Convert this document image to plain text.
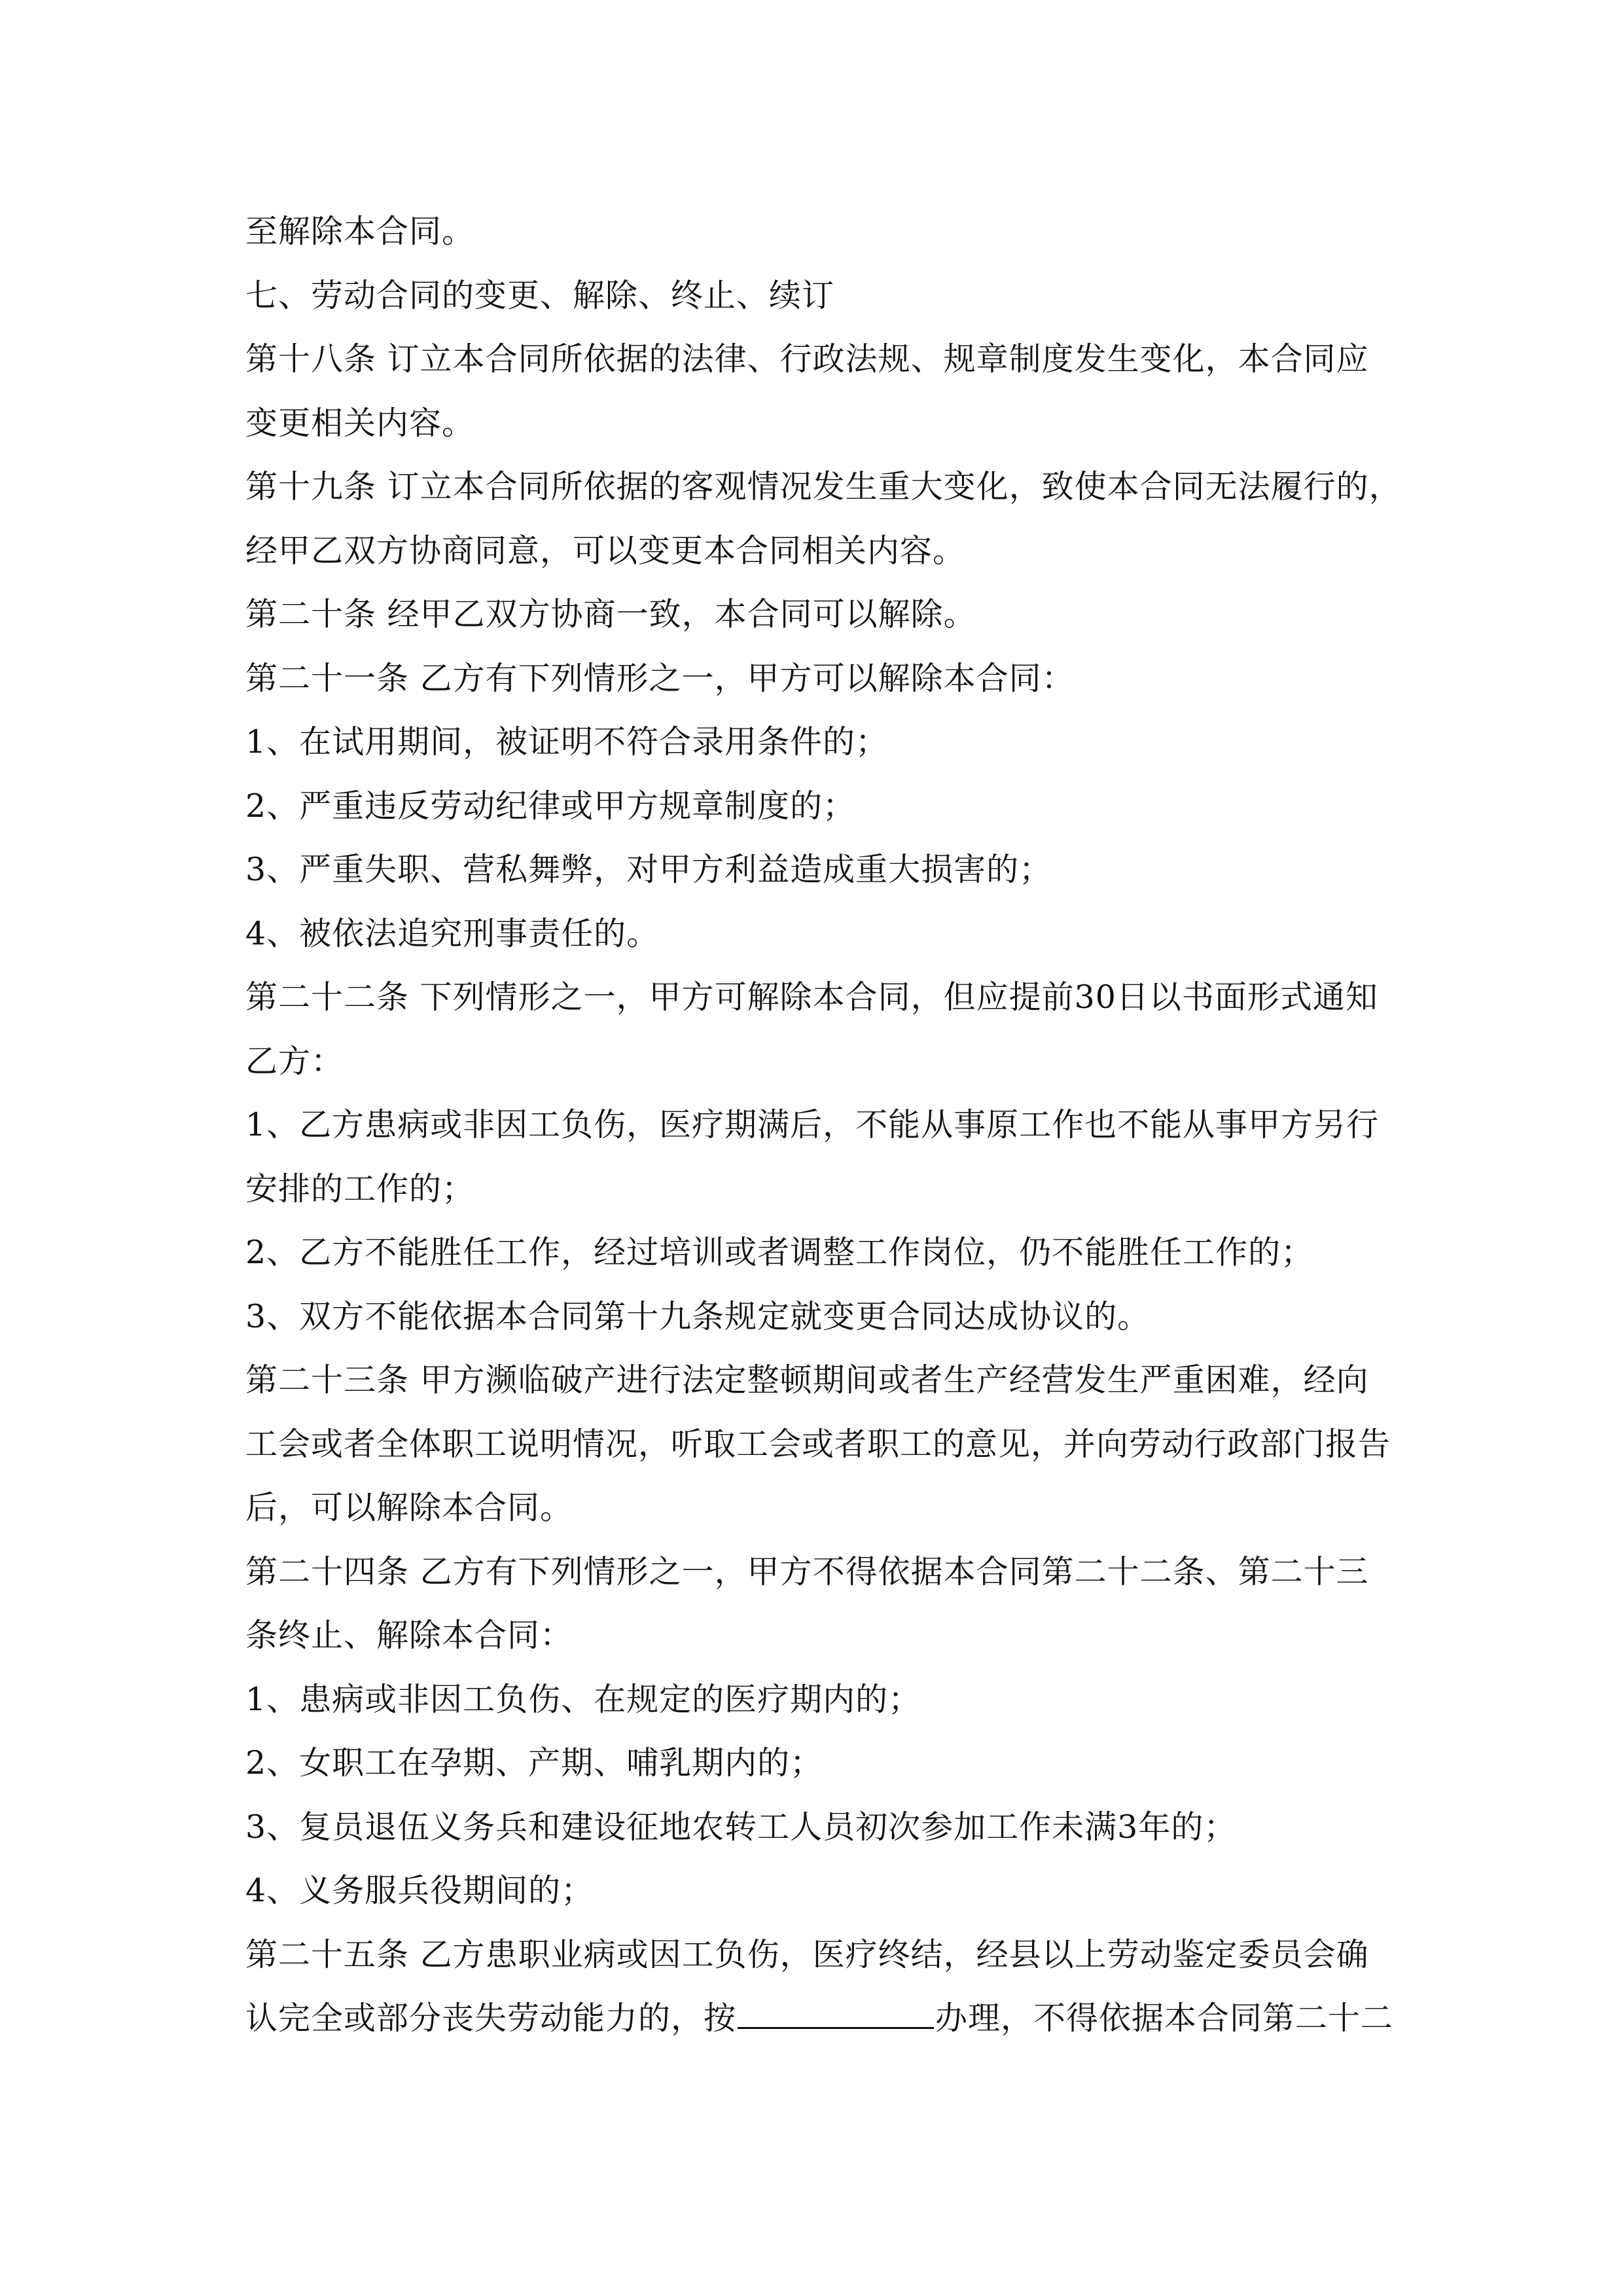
至解除本合同。
七、劳动合同的变更、解除、终止、续订
第十八条 订立本合同所依据的法律、行政法规、规章制度发生变化，本合同应
变更相关内容。
第十九条 订立本合同所依据的客观情况发生重大变化，致使本合同无法履行的，
经甲乙双方协商同意，可以变更本合同相关内容。
第二十条 经甲乙双方协商一致，本合同可以解除。
第二十一条 乙方有下列情形之一，甲方可以解除本合同：
1、在试用期间，被证明不符合录用条件的；
2、严重违反劳动纪律或甲方规章制度的；
3、严重失职、营私舞弊，对甲方利益造成重大损害的；
4、被依法追究刑事责任的。
第二十二条 下列情形之一，甲方可解除本合同，但应提前30日以书面形式通知
乙方：
1、乙方患病或非因工负伤，医疗期满后，不能从事原工作也不能从事甲方另行
安排的工作的；
2、乙方不能胜任工作，经过培训或者调整工作岗位，仍不能胜任工作的；
3、双方不能依据本合同第十九条规定就变更合同达成协议的。
第二十三条 甲方濒临破产进行法定整顿期间或者生产经营发生严重困难，经向
工会或者全体职工说明情况，听取工会或者职工的意见，并向劳动行政部门报告
后，可以解除本合同。
第二十四条 乙方有下列情形之一，甲方不得依据本合同第二十二条、第二十三
条终止、解除本合同：
1、患病或非因工负伤、在规定的医疗期内的；
2、女职工在孕期、产期、哺乳期内的；
3、复员退伍义务兵和建设征地农转工人员初次参加工作未满3年的；
4、义务服兵役期间的；
第二十五条 乙方患职业病或因工负伤，医疗终结，经县以上劳动鉴定委员会确
认完全或部分丧失劳动能力的，按	办理，不得依据本合同第二十二
